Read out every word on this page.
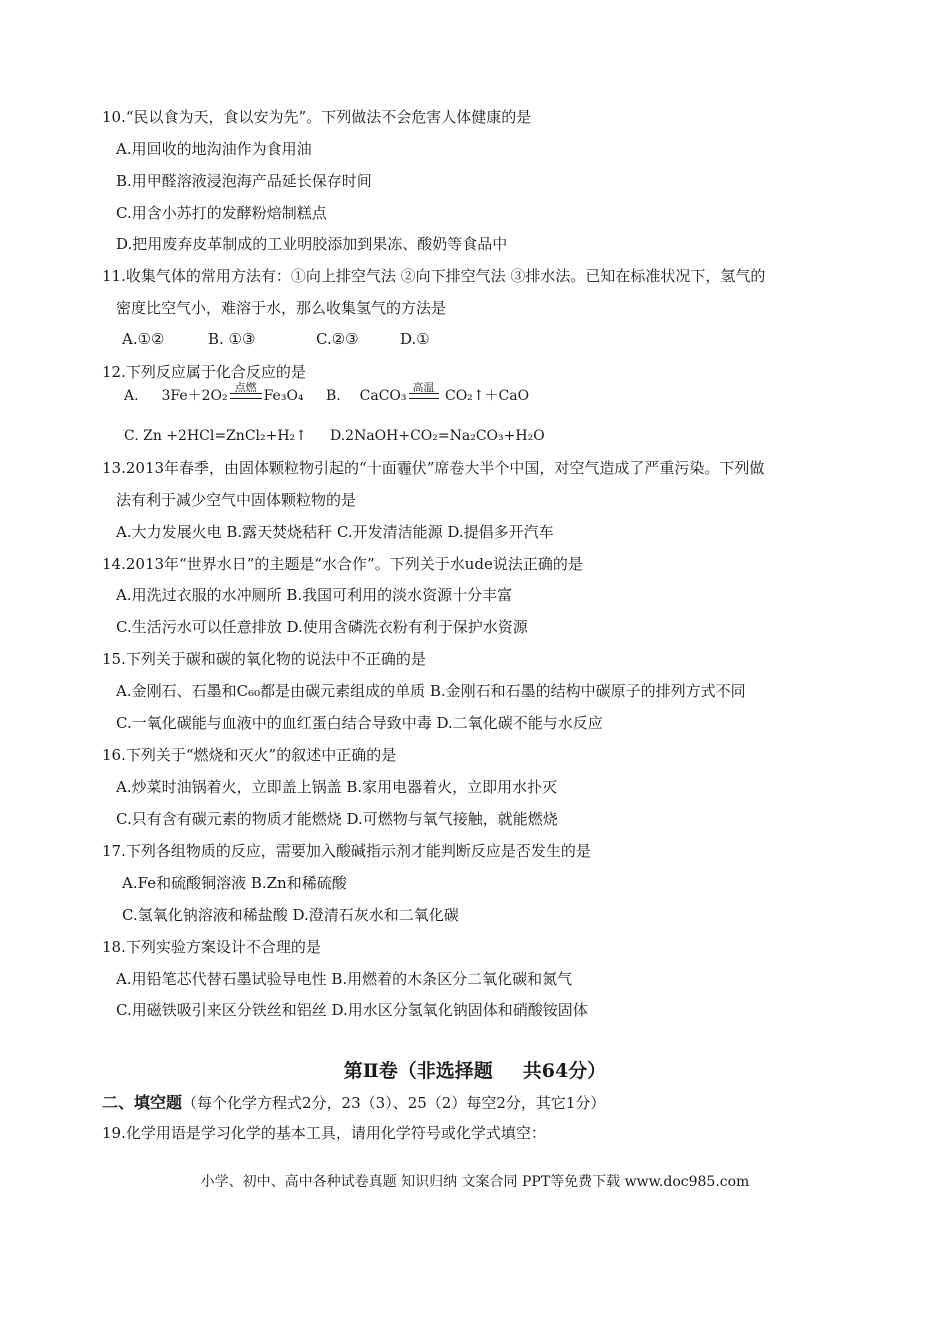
10.“民以食为天，食以安为先”。下列做法不会危害人体健康的是
A.用回收的地沟油作为食用油
B.用甲醛溶液浸泡海产品延长保存时间
C.用含小苏打的发酵粉焙制糕点
D.把用废弃皮革制成的工业明胶添加到果冻、酸奶等食品中
11.收集气体的常用方法有：①向上排空气法 ②向下排空气法 ③排水法。已知在标准状况下，氢气的
密度比空气小，难溶于水，那么收集氢气的方法是
A.①②	B. ①③	C.②③	D.①
12.下列反应属于化合反应的是
A. 3Fe＋2O₂
点燃
Fe₃O₄ B. CaCO₃
高温
CO₂↑＋CaO
C. Zn +2HCl=ZnCl₂+H₂↑ D.2NaOH+CO₂=Na₂CO₃+H₂O
13.2013年春季，由固体颗粒物引起的“十面霾伏”席卷大半个中国，对空气造成了严重污染。下列做
法有利于减少空气中固体颗粒物的是
A.大力发展火电 B.露天焚烧秸秆 C.开发清洁能源 D.提倡多开汽车
14.2013年“世界水日”的主题是“水合作”。下列关于水ude说法正确的是
A.用洗过衣服的水冲厕所 B.我国可利用的淡水资源十分丰富
C.生活污水可以任意排放 D.使用含磷洗衣粉有利于保护水资源
15.下列关于碳和碳的氧化物的说法中不正确的是
A.金刚石、石墨和C₆₀都是由碳元素组成的单质 B.金刚石和石墨的结构中碳原子的排列方式不同
C.一氧化碳能与血液中的血红蛋白结合导致中毒 D.二氧化碳不能与水反应
16.下列关于“燃烧和灭火”的叙述中正确的是
A.炒菜时油锅着火，立即盖上锅盖 B.家用电器着火，立即用水扑灭
C.只有含有碳元素的物质才能燃烧 D.可燃物与氧气接触，就能燃烧
17.下列各组物质的反应，需要加入酸碱指示剂才能判断反应是否发生的是
A.Fe和硫酸铜溶液 B.Zn和稀硫酸
C.氢氧化钠溶液和稀盐酸 D.澄清石灰水和二氧化碳
18.下列实验方案设计不合理的是
A.用铅笔芯代替石墨试验导电性 B.用燃着的木条区分二氧化碳和氮气
C.用磁铁吸引来区分铁丝和铝丝 D.用水区分氢氧化钠固体和硝酸铵固体
第Ⅱ卷（非选择题 共64分）
二、填空题（每个化学方程式2分，23（3）、25（2）每空2分，其它1分）
19.化学用语是学习化学的基本工具，请用化学符号或化学式填空：
小学、初中、高中各种试卷真题 知识归纳 文案合同 PPT等免费下载 www.doc985.com
